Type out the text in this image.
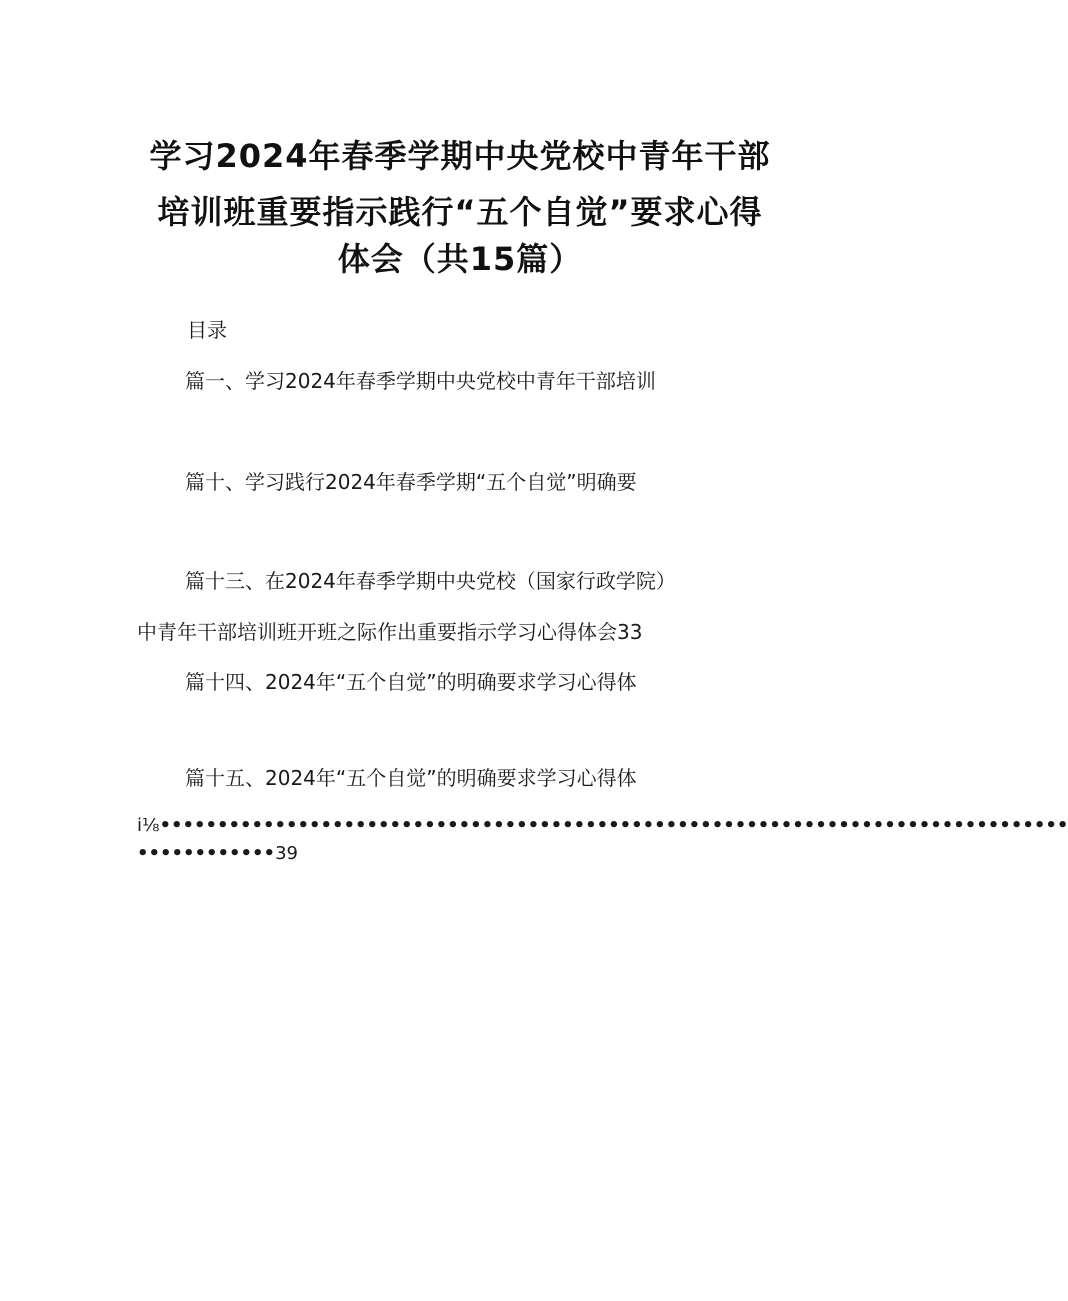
学习2024年春季学期中央党校中青年干部
培训班重要指示践行“五个自觉”要求心得
体会（共15篇）
目录
篇一、学习2024年春季学期中央党校中青年干部培训
篇十、学习践行2024年春季学期“五个自觉”明确要
篇十三、在2024年春季学期中央党校（国家行政学院）
中青年干部培训班开班之际作出重要指示学习心得体会33
篇十四、2024年“五个自觉”的明确要求学习心得体
篇十五、2024年“五个自觉”的明确要求学习心得体
i⅛•••••••••••••••••••••••••••••••••••••••••••••••••••••••••••••••••••••••••••••••
••••••••••••39
